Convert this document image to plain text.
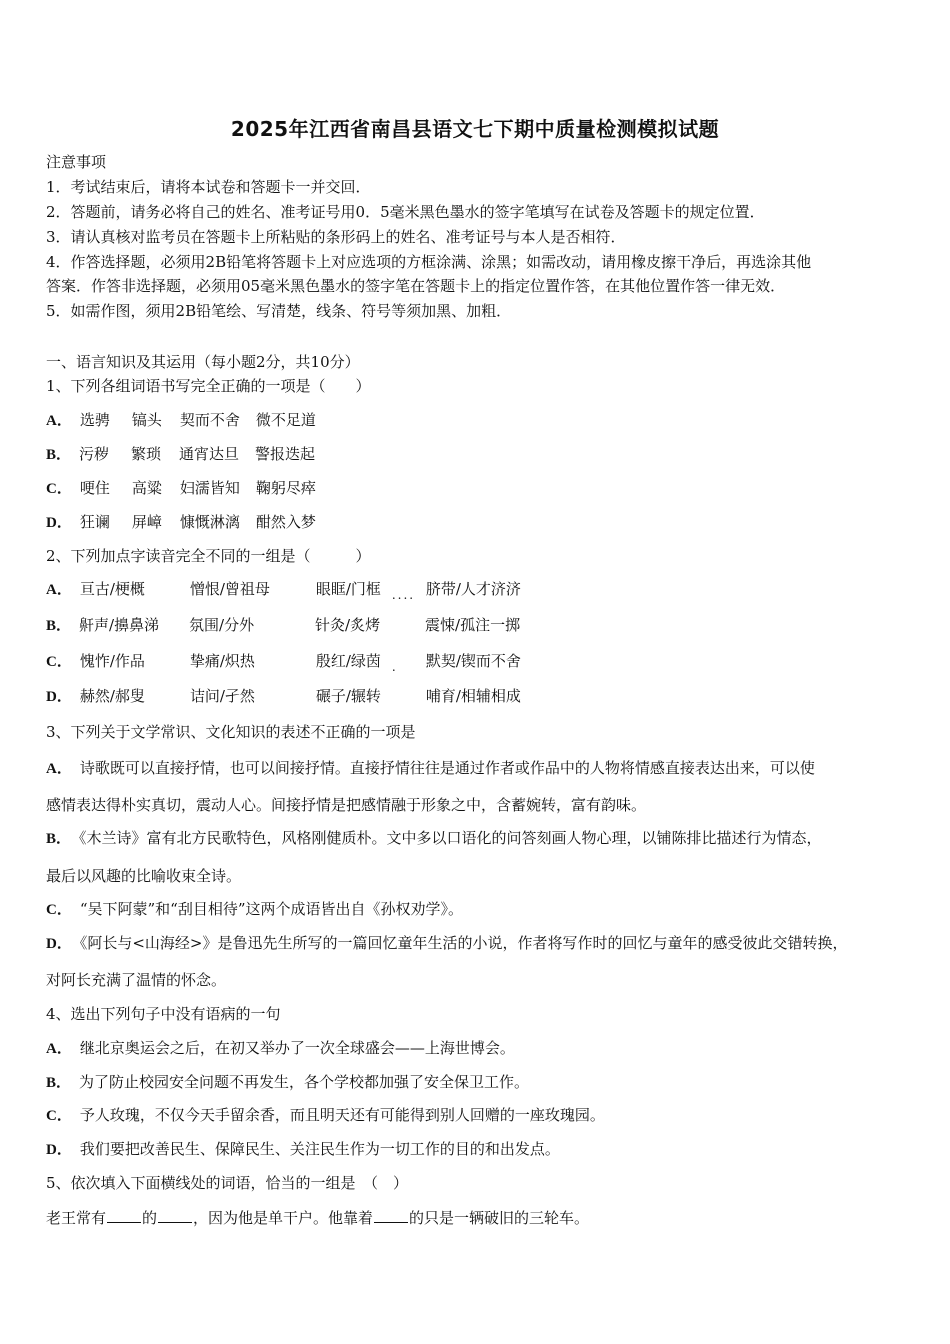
2025年江西省南昌县语文七下期中质量检测模拟试题
注意事项
1．考试结束后，请将本试卷和答题卡一并交回．
2．答题前，请务必将自己的姓名、准考证号用0．5毫米黑色墨水的签字笔填写在试卷及答题卡的规定位置．
3．请认真核对监考员在答题卡上所粘贴的条形码上的姓名、准考证号与本人是否相符．
4．作答选择题，必须用2B铅笔将答题卡上对应选项的方框涂满、涂黑；如需改动，请用橡皮擦干净后，再选涂其他
答案．作答非选择题，必须用05毫米黑色墨水的签字笔在答题卡上的指定位置作答，在其他位置作答一律无效．
5．如需作图，须用2B铅笔绘、写清楚，线条、符号等须加黑、加粗．
一、语言知识及其运用（每小题2分，共10分）
1、下列各组词语书写完全正确的一项是（　　）
A． 选骋 镐头 契而不舍 微不足道
B． 污秽 繁琐 通宵达旦 警报迭起
C． 哽住 高粱 妇濡皆知 鞠躬尽瘁
D． 狂谰 屏嶂 慷慨淋漓 酣然入梦
2、下列加点字读音完全不同的一组是（　　　）
A． 亘古/梗概	憎恨/曾祖母	眼眶/门框 .... 脐带/人才济济
B． 鼾声/擤鼻涕 氛围/分外	针灸/炙烤	震悚/孤注一掷
C． 愧怍/作品	挚痛/炽热	殷红/绿茵 . 默契/锲而不舍
D． 赫然/郝叟	诘问/孑然	碾子/辗转	哺育/相辅相成
3、下列关于文学常识、文化知识的表述不正确的一项是
A． 诗歌既可以直接抒情，也可以间接抒情。直接抒情往往是通过作者或作品中的人物将情感直接表达出来，可以使
感情表达得朴实真切，震动人心。间接抒情是把感情融于形象之中，含蓄婉转，富有韵味。
B． 《木兰诗》富有北方民歌特色，风格刚健质朴。文中多以口语化的问答刻画人物心理，以铺陈排比描述行为情态，
最后以风趣的比喻收束全诗。
C． “吴下阿蒙”和“刮目相待”这两个成语皆出自《孙权劝学》。
D． 《阿长与<山海经>》是鲁迅先生所写的一篇回忆童年生活的小说，作者将写作时的回忆与童年的感受彼此交错转换，
对阿长充满了温情的怀念。
4、选出下列句子中没有语病的一句
A． 继北京奥运会之后，在初又举办了一次全球盛会——上海世博会。
B． 为了防止校园安全问题不再发生，各个学校都加强了安全保卫工作。
C． 予人玫瑰，不仅今天手留余香，而且明天还有可能得到别人回赠的一座玫瑰园。
D． 我们要把改善民生、保障民生、关注民生作为一切工作的目的和出发点。
5、依次填入下面横线处的词语，恰当的一组是　（　）
老王常有 的 ，因为他是单干户。他靠着 的只是一辆破旧的三轮车。
